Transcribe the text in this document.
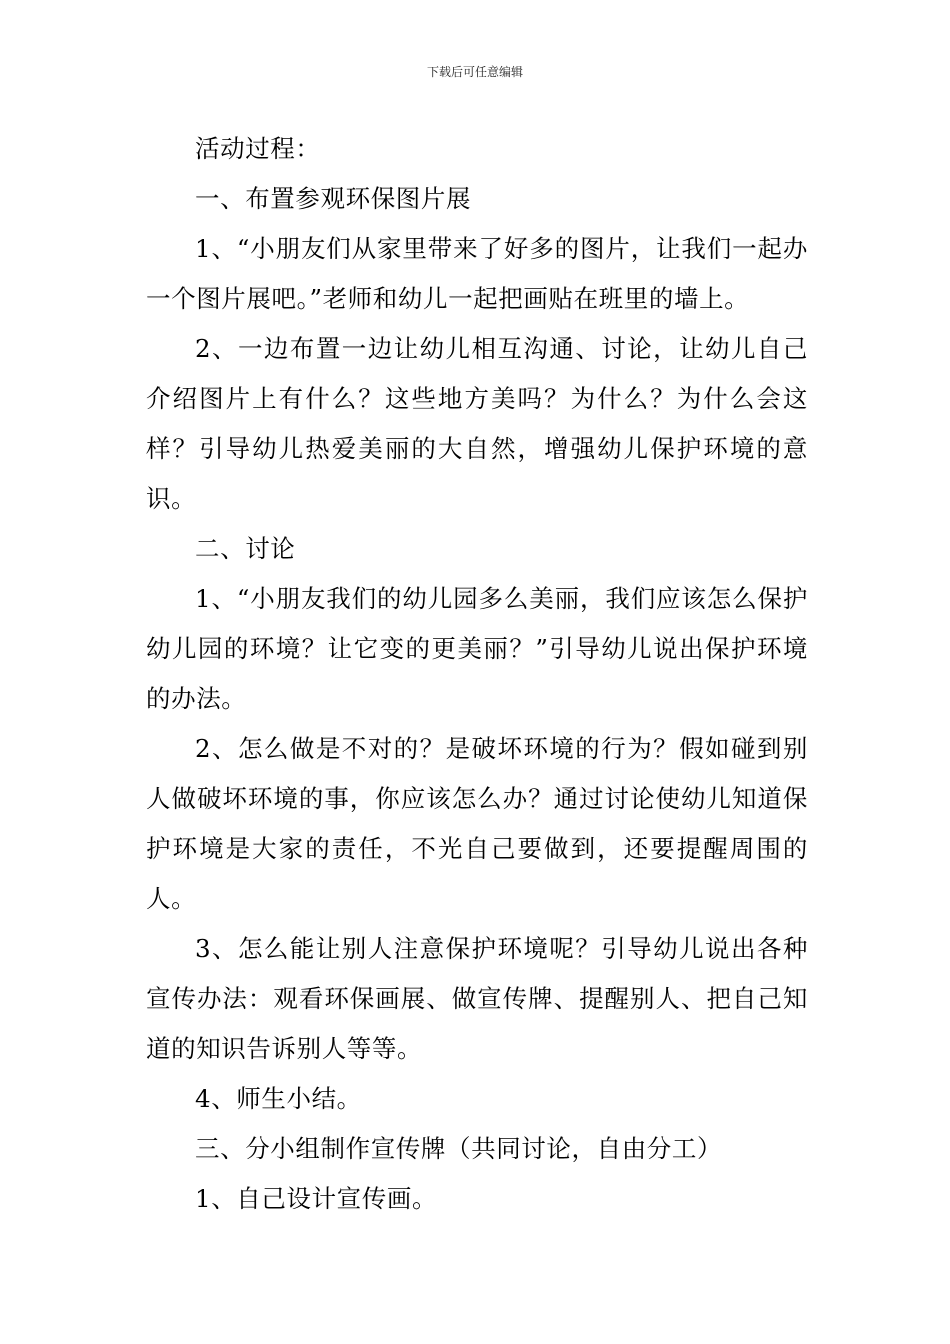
下载后可任意编辑

活动过程：

一、布置参观环保图片展

1、“小朋友们从家里带来了好多的图片，让我们一起办一个图片展吧。”老师和幼儿一起把画贴在班里的墙上。

2、一边布置一边让幼儿相互沟通、讨论，让幼儿自己介绍图片上有什么？这些地方美吗？为什么？为什么会这样？引导幼儿热爱美丽的大自然，增强幼儿保护环境的意识。

二、讨论

1、“小朋友我们的幼儿园多么美丽，我们应该怎么保护幼儿园的环境？让它变的更美丽？”引导幼儿说出保护环境的办法。

2、怎么做是不对的？是破坏环境的行为？假如碰到别人做破坏环境的事，你应该怎么办？通过讨论使幼儿知道保护环境是大家的责任，不光自己要做到，还要提醒周围的人。

3、怎么能让别人注意保护环境呢？引导幼儿说出各种宣传办法：观看环保画展、做宣传牌、提醒别人、把自己知道的知识告诉别人等等。

4、师生小结。

三、分小组制作宣传牌（共同讨论，自由分工）

1、自己设计宣传画。
